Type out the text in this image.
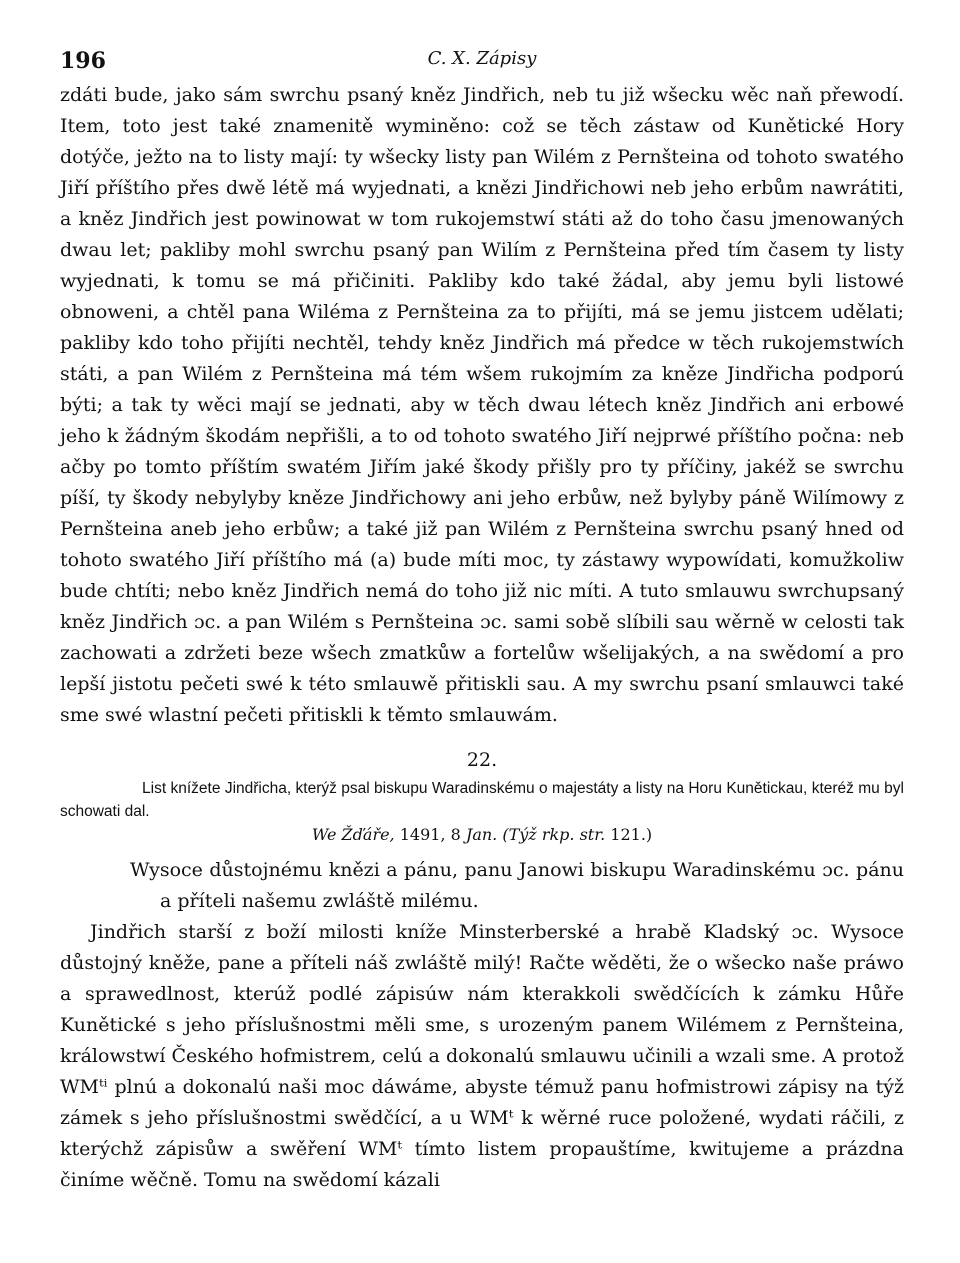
196	C. X. Zápisy

zdáti bude, jako sám swrchu psaný kněz Jindřich, neb tu již wšecku wěc naň přewodí. Item, toto jest také znamenitě wyminěno: což se těch zástaw od Kunětické Hory dotýče, ježto na to listy mají: ty wšecky listy pan Wilém z Pernšteina od tohoto swatého Jiří příštího přes dwě létě má wyjednati, a knězi Jindřichowi neb jeho erbům nawrátiti, a kněz Jindřich jest powinowat w tom rukojemstwí státi až do toho času jmenowaných dwau let; pakliby mohl swrchu psaný pan Wilím z Pernšteina před tím časem ty listy wyjednati, k tomu se má přičiniti. Pakliby kdo také žádal, aby jemu byli listowé obnoweni, a chtěl pana Wiléma z Pernšteina za to přijíti, má se jemu jistcem udělati; pakliby kdo toho přijíti nechtěl, tehdy kněz Jindřich má předce w těch rukojemstwích státi, a pan Wilém z Pernšteina má tém wšem rukojmím za kněze Jindřicha podporú býti; a tak ty wěci mají se jednati, aby w těch dwau létech kněz Jindřich ani erbowé jeho k žádným škodám nepřišli, a to od tohoto swatého Jiří nejprwé příštího počna: neb ačby po tomto příštím swatém Jiřím jaké škody přišly pro ty příčiny, jakéž se swrchu píší, ty škody nebylyby kněze Jindřichowy ani jeho erbůw, než bylyby páně Wilímowy z Pernšteina aneb jeho erbůw; a také již pan Wilém z Pernšteina swrchu psaný hned od tohoto swatého Jiří příštího má (a) bude míti moc, ty zástawy wypowídati, komužkoliw bude chtíti; nebo kněz Jindřich nemá do toho již nic míti. A tuto smlauwu swrchupsaný kněz Jindřich ɔc. a pan Wilém s Pernšteina ɔc. sami sobě slíbili sau wěrně w celosti tak zachowati a zdržeti beze wšech zmatkůw a fortelůw wšelijakých, a na swědomí a pro lepší jistotu pečeti swé k této smlauwě přitiskli sau. A my swrchu psaní smlauwci také sme swé wlastní pečeti přitiskli k těmto smlauwám.

22.

List knížete Jindřicha, kterýž psal biskupu Waradinskému o majestáty a listy na Horu Kunětickau, kteréž mu byl schowati dal.

We Žďáře, 1491, 8 Jan. (Týž rkp. str. 121.)

Wysoce důstojnému knězi a pánu, panu Janowi biskupu Waradinskému ɔc. pánu a příteli našemu zwláště milému.

Jindřich starší z boží milosti kníže Minsterberské a hrabě Kladský ɔc. Wysoce důstojný kněže, pane a příteli náš zwláště milý! Račte wěděti, že o wšecko naše práwo a sprawedlnost, kterúž podlé zápisúw nám kterakkoli swědčících k zámku Hůře Kunětické s jeho příslušnostmi měli sme, s urozeným panem Wilémem z Pernšteina, králowstwí Českého hofmistrem, celú a dokonalú smlauwu učinili a wzali sme. A protož WMᵗⁱ plnú a dokonalú naši moc dáwáme, abyste témuž panu hofmistrowi zápisy na týž zámek s jeho příslušnostmi swědčící, a u WMᵗ k wěrné ruce položené, wydati ráčili, z kterýchž zápisůw a swěření WMᵗ tímto listem propauštíme, kwitujeme a prázdna činíme wěčně. Tomu na swědomí kázali
